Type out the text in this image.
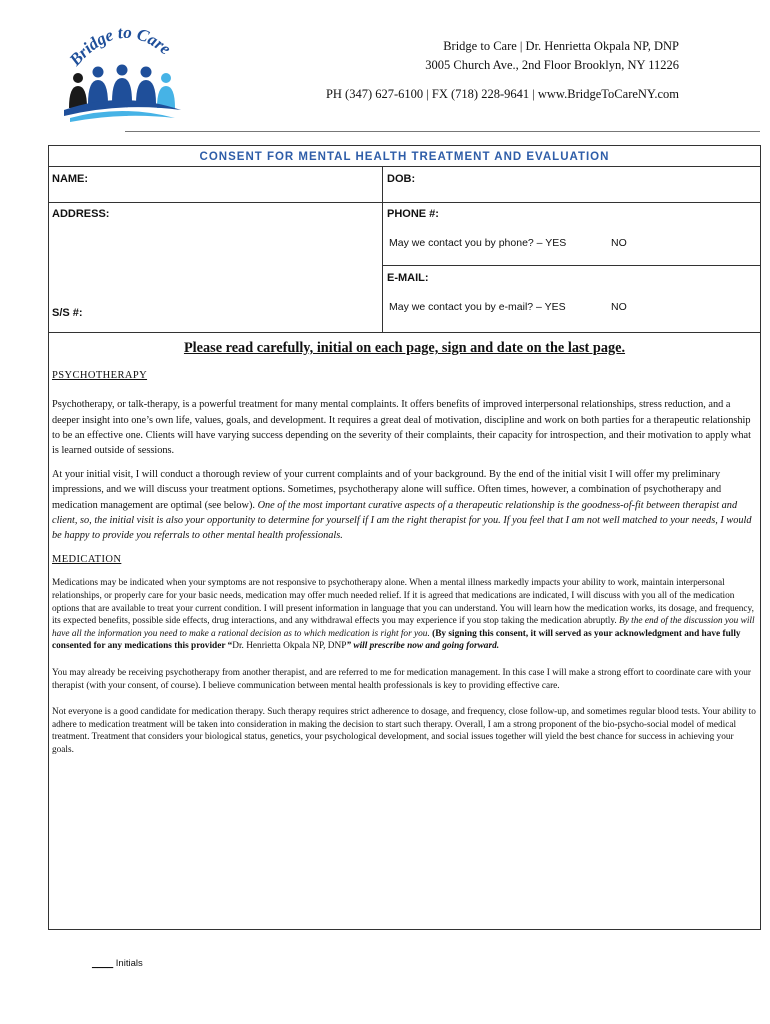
Bridge to Care	Bridge to Care | Dr. Henrietta Okpala NP, DNP
3005 Church Ave., 2nd Floor Brooklyn, NY 11226
PH (347) 627-6100 | FX (718) 228-9641 | www.BridgeToCareNY.com
CONSENT FOR MENTAL HEALTH TREATMENT AND EVALUATION
NAME:	DOB:
ADDRESS:	PHONE #:
May we contact you by phone? – YES	NO
E-MAIL:
May we contact you by e-mail? – YES	NO
S/S #:
Please read carefully, initial on each page, sign and date on the last page.
PSYCHOTHERAPY

Psychotherapy, or talk-therapy, is a powerful treatment for many mental complaints. It offers benefits of improved interpersonal relationships, stress reduction, and a deeper insight into one’s own life, values, goals, and development. It requires a great deal of motivation, discipline and work on both parties for a therapeutic relationship to be an effective one. Clients will have varying success depending on the severity of their complaints, their capacity for introspection, and their motivation to apply what is learned outside of sessions.

At your initial visit, I will conduct a thorough review of your current complaints and of your background. By the end of the initial visit I will offer my preliminary impressions, and we will discuss your treatment options. Sometimes, psychotherapy alone will suffice. Often times, however, a combination of psychotherapy and medication management are optimal (see below). One of the most important curative aspects of a therapeutic relationship is the goodness-of-fit between therapist and client, so, the initial visit is also your opportunity to determine for yourself if I am the right therapist for you. If you feel that I am not well matched to your needs, I would be happy to provide you referrals to other mental health professionals.

MEDICATION

Medications may be indicated when your symptoms are not responsive to psychotherapy alone. When a mental illness markedly impacts your ability to work, maintain interpersonal relationships, or properly care for your basic needs, medication may offer much needed relief. If it is agreed that medications are indicated, I will discuss with you all of the medication options that are available to treat your current condition. I will present information in language that you can understand. You will learn how the medication works, its dosage, and frequency, its expected benefits, possible side effects, drug interactions, and any withdrawal effects you may experience if you stop taking the medication abruptly. By the end of the discussion you will have all the information you need to make a rational decision as to which medication is right for you. (By signing this consent, it will served as your acknowledgment and have fully consented for any medications this provider “Dr. Henrietta Okpala NP, DNP” will prescribe now and going forward.

You may already be receiving psychotherapy from another therapist, and are referred to me for medication management. In this case I will make a strong effort to coordinate care with your therapist (with your consent, of course). I believe communication between mental health professionals is key to providing effective care.

Not everyone is a good candidate for medication therapy. Such therapy requires strict adherence to dosage, and frequency, close follow-up, and sometimes regular blood tests. Your ability to adhere to medication treatment will be taken into consideration in making the decision to start such therapy. Overall, I am a strong proponent of the bio-psycho-social model of medical treatment. Treatment that considers your biological status, genetics, your psychological development, and social issues together will yield the best chance for success in achieving your goals.

____ Initials
